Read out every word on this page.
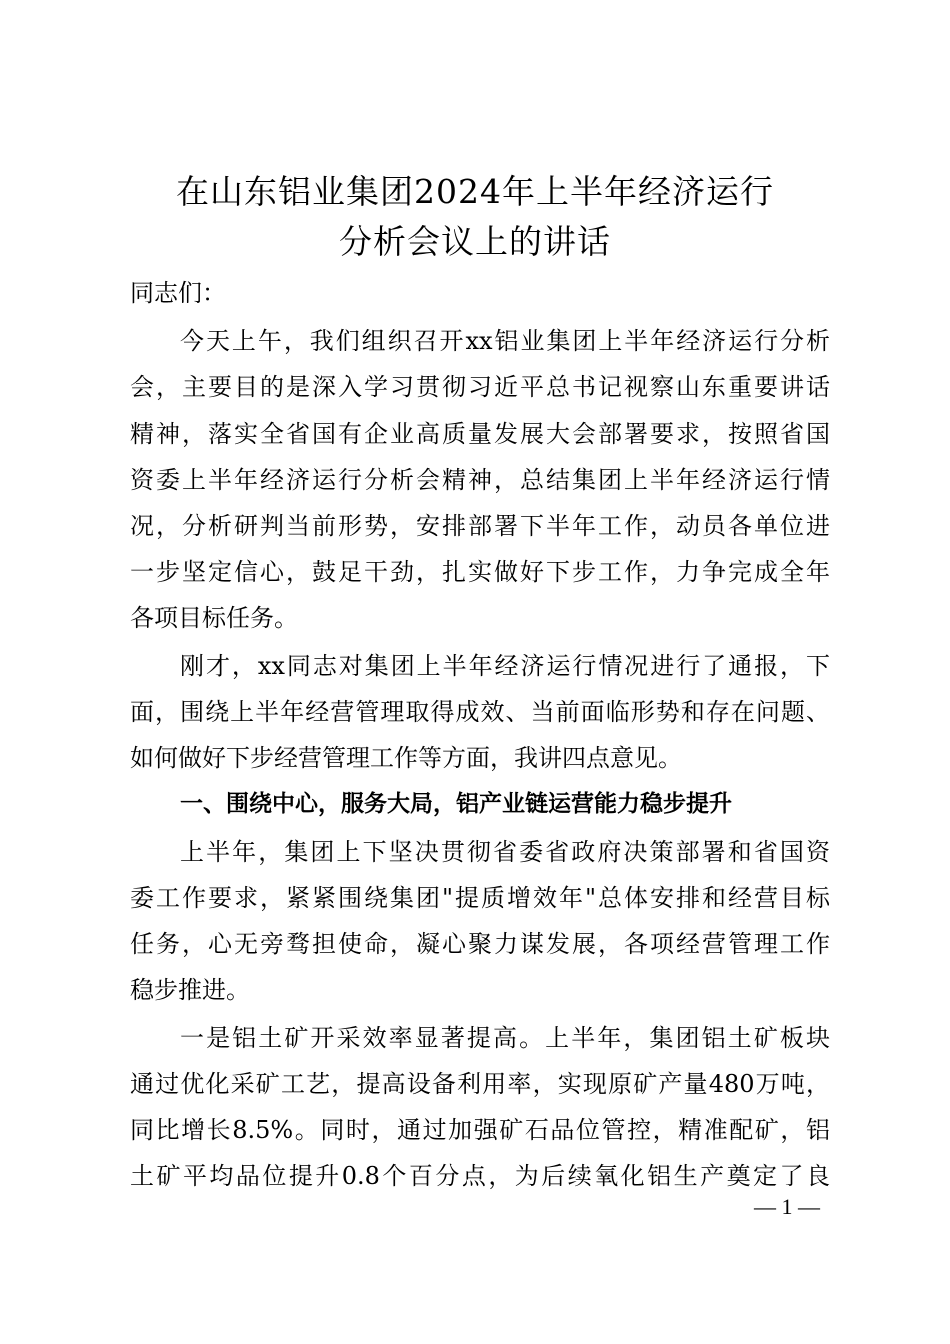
在山东铝业集团2024年上半年经济运行
分析会议上的讲话
同志们：
今天上午，我们组织召开xx铝业集团上半年经济运行分析
会，主要目的是深入学习贯彻习近平总书记视察山东重要讲话
精神，落实全省国有企业高质量发展大会部署要求，按照省国
资委上半年经济运行分析会精神，总结集团上半年经济运行情
况，分析研判当前形势，安排部署下半年工作，动员各单位进
一步坚定信心，鼓足干劲，扎实做好下步工作，力争完成全年
各项目标任务。
刚才，xx同志对集团上半年经济运行情况进行了通报，下
面，围绕上半年经营管理取得成效、当前面临形势和存在问题、
如何做好下步经营管理工作等方面，我讲四点意见。
一、围绕中心，服务大局，铝产业链运营能力稳步提升
上半年，集团上下坚决贯彻省委省政府决策部署和省国资
委工作要求，紧紧围绕集团"提质增效年"总体安排和经营目标
任务，心无旁骛担使命，凝心聚力谋发展，各项经营管理工作
稳步推进。
一是铝土矿开采效率显著提高。上半年，集团铝土矿板块
通过优化采矿工艺，提高设备利用率，实现原矿产量480万吨，
同比增长8.5%。同时，通过加强矿石品位管控，精准配矿，铝
土矿平均品位提升0.8个百分点，为后续氧化铝生产奠定了良
— 1 —
